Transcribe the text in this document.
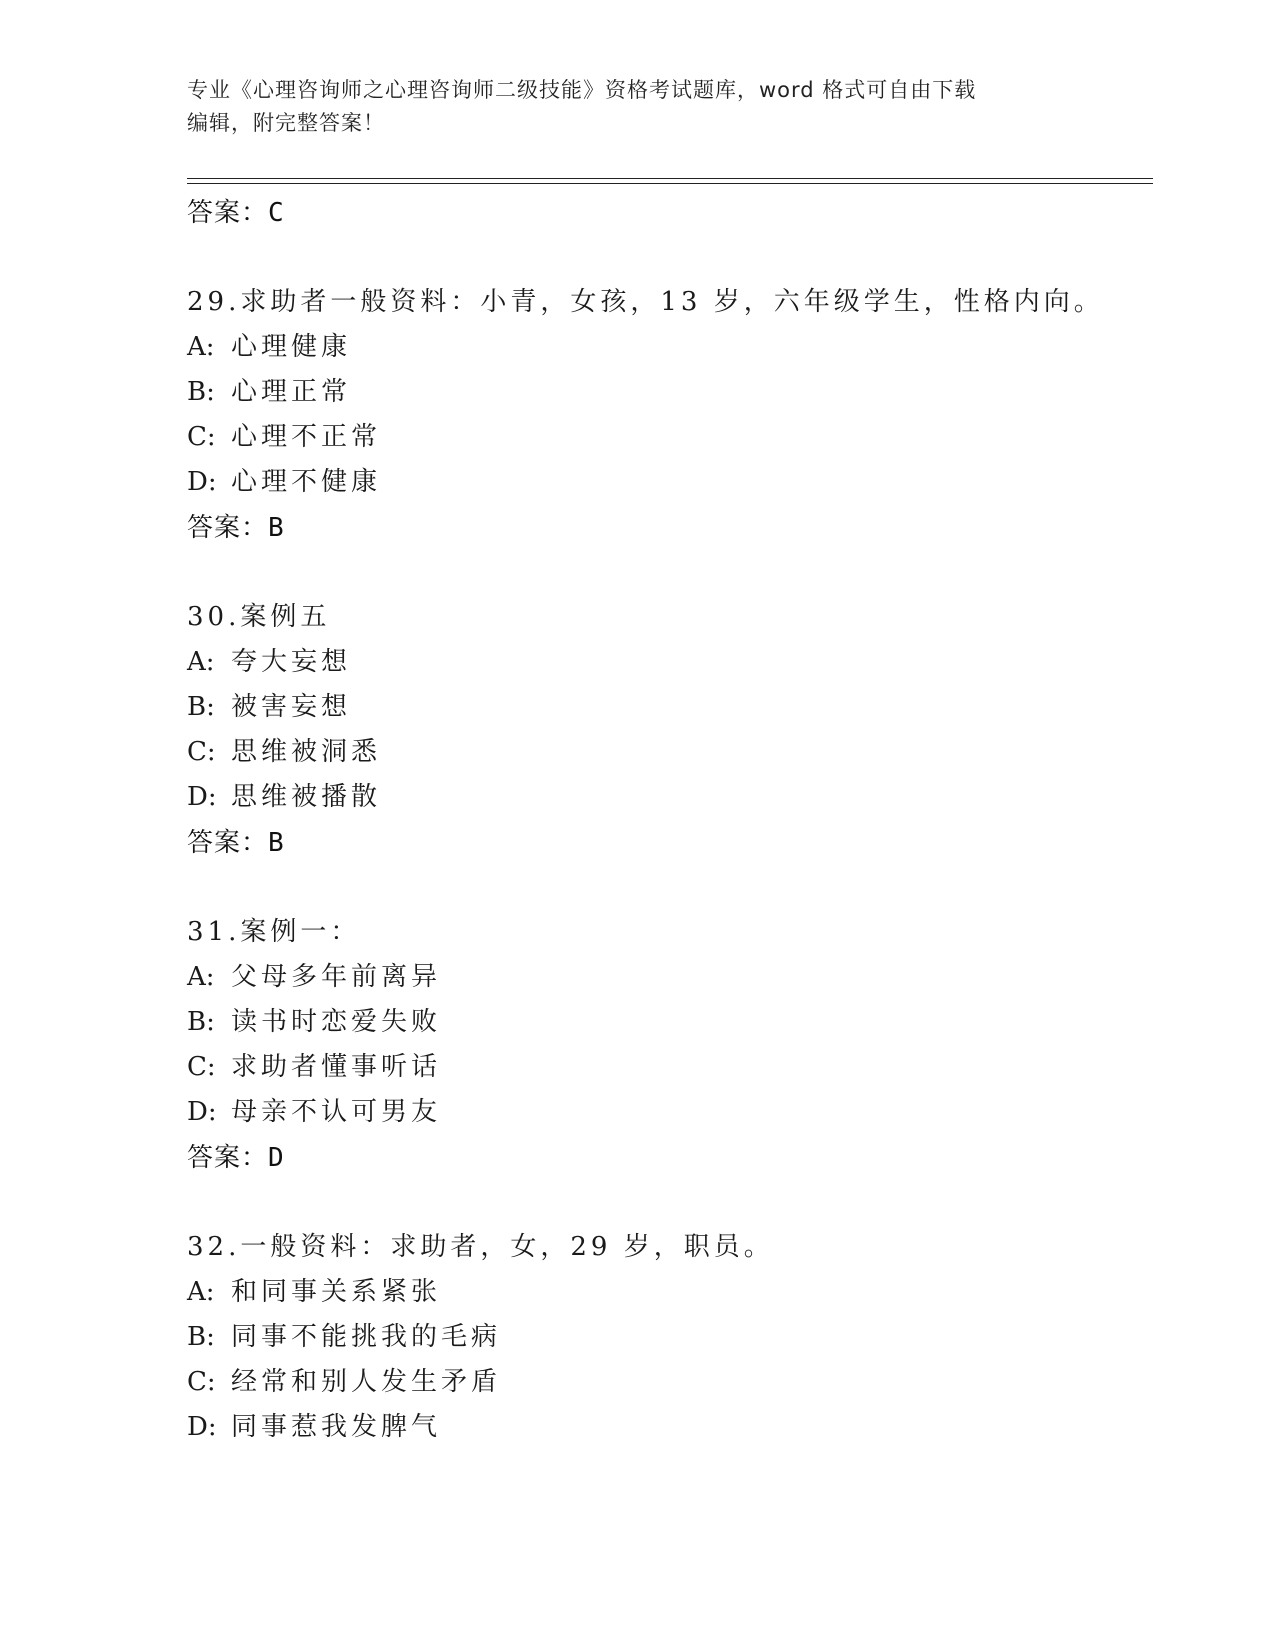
专业《心理咨询师之心理咨询师二级技能》资格考试题库，word 格式可自由下载
编辑，附完整答案！
答案：C
29.求助者一般资料：小青，女孩，13 岁，六年级学生，性格内向。
A: 心理健康
B: 心理正常
C: 心理不正常
D: 心理不健康
答案：B
30.案例五
A: 夸大妄想
B: 被害妄想
C: 思维被洞悉
D: 思维被播散
答案：B
31.案例一：
A: 父母多年前离异
B: 读书时恋爱失败
C: 求助者懂事听话
D: 母亲不认可男友
答案：D
32.一般资料：求助者，女，29 岁，职员。
A: 和同事关系紧张
B: 同事不能挑我的毛病
C: 经常和别人发生矛盾
D: 同事惹我发脾气
